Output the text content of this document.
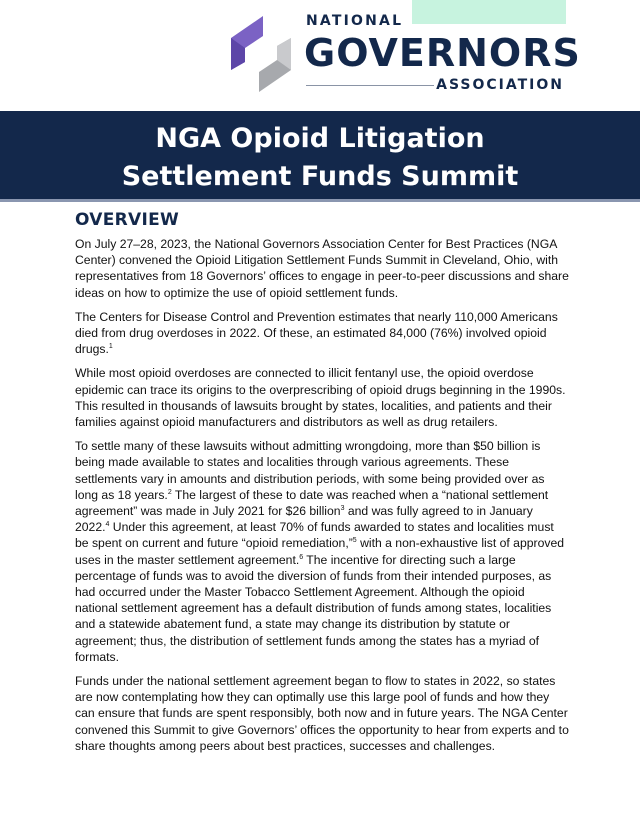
NATIONAL
GOVERNORS
ASSOCIATION
NGA Opioid Litigation
Settlement Funds Summit
OVERVIEW

On July 27–28, 2023, the National Governors Association Center for Best Practices (NGA Center) convened the Opioid Litigation Settlement Funds Summit in Cleveland, Ohio, with representatives from 18 Governors’ offices to engage in peer-to-peer discussions and share ideas on how to optimize the use of opioid settlement funds.

The Centers for Disease Control and Prevention estimates that nearly 110,000 Americans died from drug overdoses in 2022. Of these, an estimated 84,000 (76%) involved opioid drugs.$^1$

While most opioid overdoses are connected to illicit fentanyl use, the opioid overdose epidemic can trace its origins to the overprescribing of opioid drugs beginning in the 1990s. This resulted in thousands of lawsuits brought by states, localities, and patients and their families against opioid manufacturers and distributors as well as drug retailers.

To settle many of these lawsuits without admitting wrongdoing, more than $50 billion is being made available to states and localities through various agreements. These settlements vary in amounts and distribution periods, with some being provided over as long as 18 years.$^2$ The largest of these to date was reached when a “national settlement agreement” was made in July 2021 for $26 billion$^3$ and was fully agreed to in January 2022.$^4$ Under this agreement, at least 70% of funds awarded to states and localities must be spent on current and future “opioid remediation,”$^5$ with a non-exhaustive list of approved uses in the master settlement agreement.$^6$ The incentive for directing such a large percentage of funds was to avoid the diversion of funds from their intended purposes, as had occurred under the Master Tobacco Settlement Agreement. Although the opioid national settlement agreement has a default distribution of funds among states, localities and a statewide abatement fund, a state may change its distribution by statute or agreement; thus, the distribution of settlement funds among the states has a myriad of formats.

Funds under the national settlement agreement began to flow to states in 2022, so states are now contemplating how they can optimally use this large pool of funds and how they can ensure that funds are spent responsibly, both now and in future years. The NGA Center convened this Summit to give Governors’ offices the opportunity to hear from experts and to share thoughts among peers about best practices, successes and challenges.
